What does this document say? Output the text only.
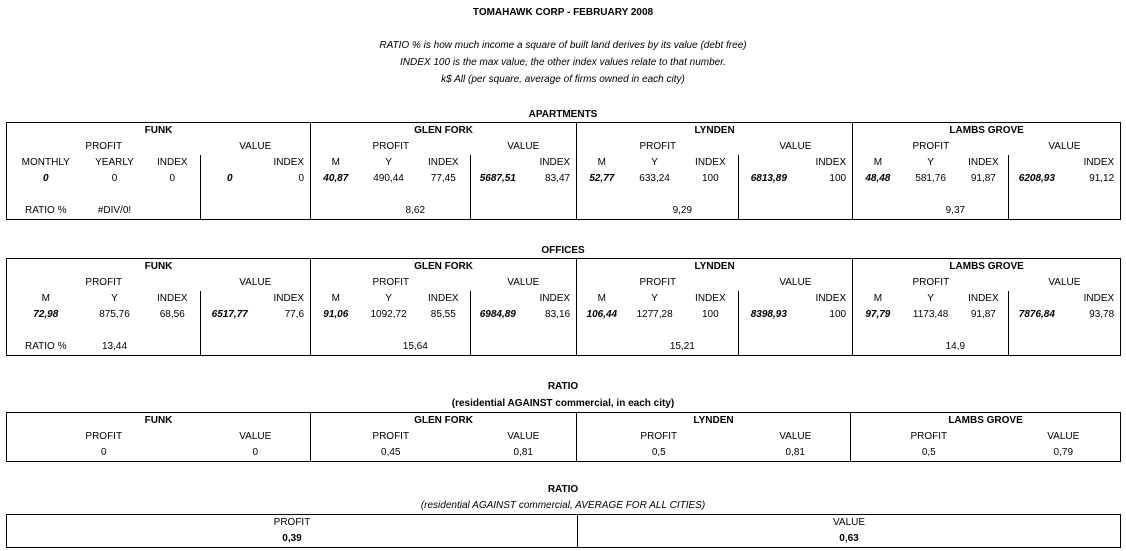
TOMAHAWK CORP - FEBRUARY 2008
RATIO % is how much income a square of built land derives by its value (debt free)
INDEX 100 is the max value, the other index values relate to that number.
k$ All (per square, average of firms owned in each city)
APARTMENTS
FUNK					GLEN FORK					LYNDEN					LAMBS GROVE				
PROFIT			VALUE		PROFIT			VALUE		PROFIT			VALUE		PROFIT			VALUE	
MONTHLY	YEARLY	INDEX		INDEX	M	Y	INDEX		INDEX	M	Y	INDEX		INDEX	M	Y	INDEX		INDEX
0	0	0	0	0	40,87	490,44	77,45	5687,51	83,47	52,77	633,24	100	6813,89	100	48,48	581,76	91,87	6208,93	91,12

RATIO %	#DIV/0!					8,62					9,29					9,37			
OFFICES
FUNK					GLEN FORK					LYNDEN					LAMBS GROVE				
PROFIT			VALUE		PROFIT			VALUE		PROFIT			VALUE		PROFIT			VALUE	
M	Y	INDEX		INDEX	M	Y	INDEX		INDEX	M	Y	INDEX		INDEX	M	Y	INDEX		INDEX
72,98	875,76	68,56	6517,77	77,6	91,06	1092,72	85,55	6984,89	83,16	106,44	1277,28	100	8398,93	100	97,79	1173,48	91,87	7876,84	93,78

RATIO %	13,44					15,64					15,21					14,9			
RATIO
(residential AGAINST commercial, in each city)
FUNK		GLEN FORK		LYNDEN		LAMBS GROVE	
PROFIT	VALUE	PROFIT	VALUE	PROFIT	VALUE	PROFIT	VALUE
0	0	0,45	0,81	0,5	0,81	0,5	0,79
RATIO
(residential AGAINST commercial, AVERAGE FOR ALL CITIES)
PROFIT	VALUE
0,39	0,63
